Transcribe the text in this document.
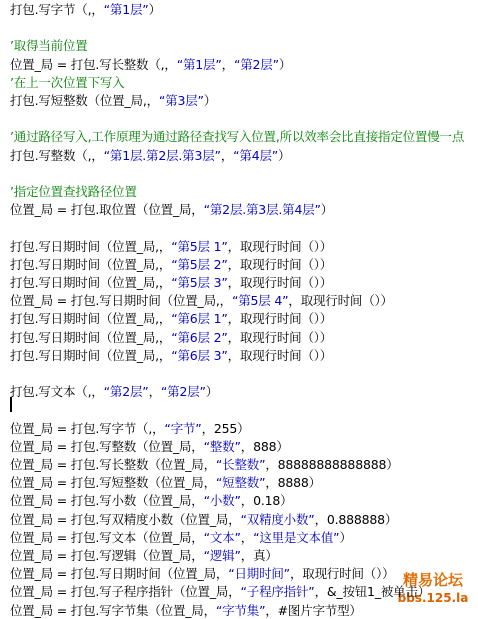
精易论坛
bbs.125.la
打包.写字节（,，“第1层”）
’取得当前位置
位置_局 = 打包.写长整数（,，“第1层”，“第2层”）
’在上一次位置下写入
打包.写短整数（位置_局,，“第3层”）
’通过路径写入,工作原理为通过路径查找写入位置,所以效率会比直接指定位置慢一点
打包.写整数（,，“第1层.第2层.第3层”，“第4层”）
’指定位置查找路径位置
位置_局 = 打包.取位置（位置_局，“第2层.第3层.第4层”）
打包.写日期时间（位置_局,，“第5层 1”，取现行时间（））
打包.写日期时间（位置_局,，“第5层 2”，取现行时间（））
打包.写日期时间（位置_局,，“第5层 3”，取现行时间（））
位置_局 = 打包.写日期时间（位置_局,，“第5层 4”，取现行时间（））
打包.写日期时间（位置_局,，“第6层 1”，取现行时间（））
打包.写日期时间（位置_局,，“第6层 2”，取现行时间（））
打包.写日期时间（位置_局,，“第6层 3”，取现行时间（））
打包.写文本（,，“第2层”，“第2层”）
位置_局 = 打包.写字节（,，“字节”，255）
位置_局 = 打包.写整数（位置_局，“整数”，888）
位置_局 = 打包.写长整数（位置_局，“长整数”，88888888888888）
位置_局 = 打包.写短整数（位置_局，“短整数”，8888）
位置_局 = 打包.写小数（位置_局，“小数”，0.18）
位置_局 = 打包.写双精度小数（位置_局，“双精度小数”，0.888888）
位置_局 = 打包.写文本（位置_局，“文本”，“这里是文本值”）
位置_局 = 打包.写逻辑（位置_局，“逻辑”，真）
位置_局 = 打包.写日期时间（位置_局，“日期时间”，取现行时间（））
位置_局 = 打包.写子程序指针（位置_局，“子程序指针”，&_按钮1_被单击）
位置_局 = 打包.写字节集（位置_局，“字节集”，#图片字节型）
